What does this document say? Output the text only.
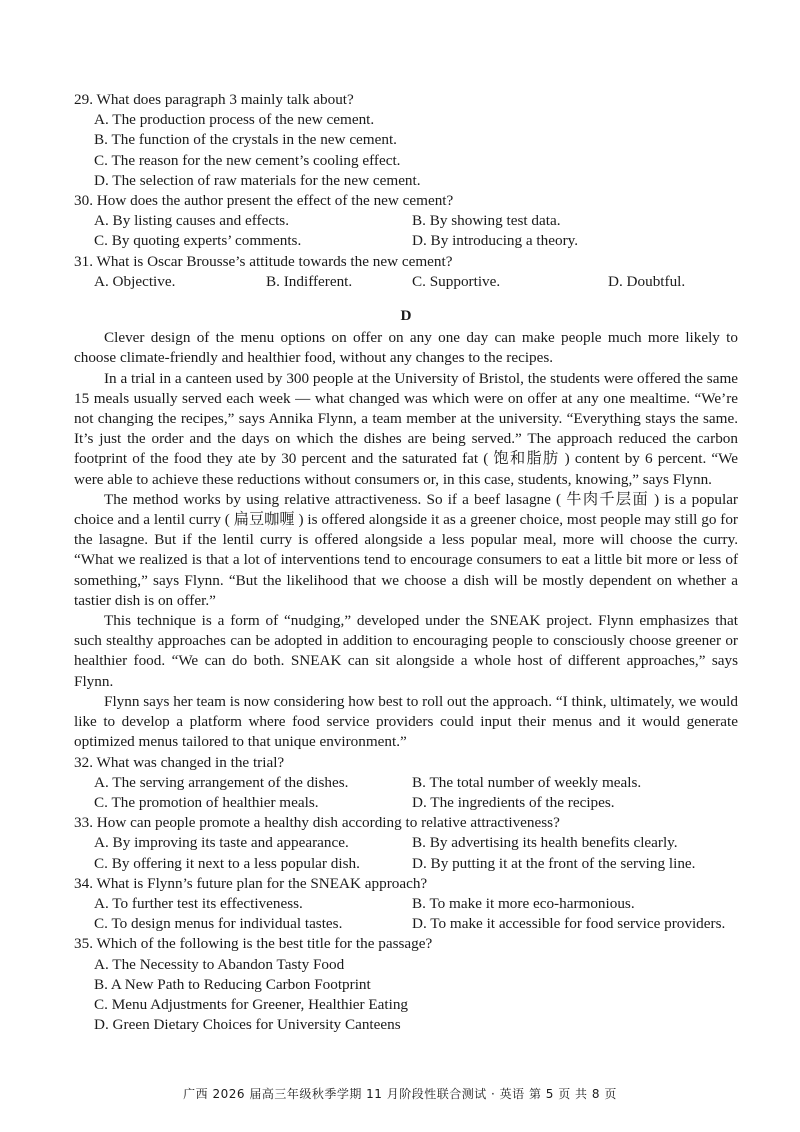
29. What does paragraph 3 mainly talk about?

A. The production process of the new cement.

B. The function of the crystals in the new cement.

C. The reason for the new cement’s cooling effect.

D. The selection of raw materials for the new cement.

30. How does the author present the effect of the new cement?

A. By listing causes and effects.	B. By showing test data.
C. By quoting experts’ comments.	D. By introducing a theory.

31. What is Oscar Brousse’s attitude towards the new cement?

A. Objective.	B. Indifferent.	C. Supportive.	D. Doubtful.
D

Clever design of the menu options on offer on any one day can make people much more likely to choose climate-friendly and healthier food, without any changes to the recipes.

In a trial in a canteen used by 300 people at the University of Bristol, the students were offered the same 15 meals usually served each week — what changed was which were on offer at any one mealtime. “We’re not changing the recipes,” says Annika Flynn, a team member at the university. “Everything stays the same. It’s just the order and the days on which the dishes are being served.” The approach reduced the carbon footprint of the food they ate by 30 percent and the saturated fat ( 饱和脂肪 ) content by 6 percent. “We were able to achieve these reductions without consumers or, in this case, students, knowing,” says Flynn.

The method works by using relative attractiveness. So if a beef lasagne ( 牛肉千层面 ) is a popular choice and a lentil curry ( 扁豆咖喱 ) is offered alongside it as a greener choice, most people may still go for the lasagne. But if the lentil curry is offered alongside a less popular meal, more will choose the curry. “What we realized is that a lot of interventions tend to encourage consumers to eat a little bit more or less of something,” says Flynn. “But the likelihood that we choose a dish will be mostly dependent on whether a tastier dish is on offer.”

This technique is a form of “nudging,” developed under the SNEAK project. Flynn emphasizes that such stealthy approaches can be adopted in addition to encouraging people to consciously choose greener or healthier food. “We can do both. SNEAK can sit alongside a whole host of different approaches,” says Flynn.

Flynn says her team is now considering how best to roll out the approach. “I think, ultimately, we would like to develop a platform where food service providers could input their menus and it would generate optimized menus tailored to that unique environment.”

32. What was changed in the trial?

A. The serving arrangement of the dishes.	B. The total number of weekly meals.
C. The promotion of healthier meals.	D. The ingredients of the recipes.

33. How can people promote a healthy dish according to relative attractiveness?

A. By improving its taste and appearance.	B. By advertising its health benefits clearly.
C. By offering it next to a less popular dish.	D. By putting it at the front of the serving line.

34. What is Flynn’s future plan for the SNEAK approach?

A. To further test its effectiveness.	B. To make it more eco-harmonious.
C. To design menus for individual tastes.	D. To make it accessible for food service providers.

35. Which of the following is the best title for the passage?

A. The Necessity to Abandon Tasty Food

B. A New Path to Reducing Carbon Footprint

C. Menu Adjustments for Greener, Healthier Eating

D. Green Dietary Choices for University Canteens

广西 2026 届高三年级秋季学期 11 月阶段性联合测试 · 英语 第 5 页 共 8 页
